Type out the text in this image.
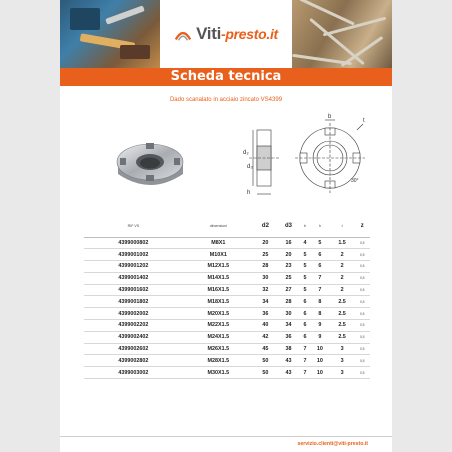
Viti-presto.it
Scheda tecnica
Dado scanalato in acciaio zincato VS4399
b
t
d₂
d₃
h
30°
RIF VS	dimensioni	d2	d3	b	h	t	z
4399000802	M8X1	20	16	4	5	1.5	0,5
4399001002	M10X1	25	20	5	6	2	0,5
4399001202	M12X1.5	28	23	5	6	2	0,5
4399001402	M14X1.5	30	25	5	7	2	0,5
4399001602	M16X1.5	32	27	5	7	2	0,5
4399001802	M18X1.5	34	28	6	8	2.5	0,5
4399002002	M20X1.5	36	30	6	8	2.5	0,5
4399002202	M22X1.5	40	34	6	9	2.5	0,5
4399002402	M24X1.5	42	36	6	9	2.5	0,5
4399002602	M26X1.5	45	38	7	10	3	0,5
4399002802	M28X1.5	50	43	7	10	3	0,5
4399003002	M30X1.5	50	43	7	10	3	0,5
servizio.clienti@viti-presto.it
